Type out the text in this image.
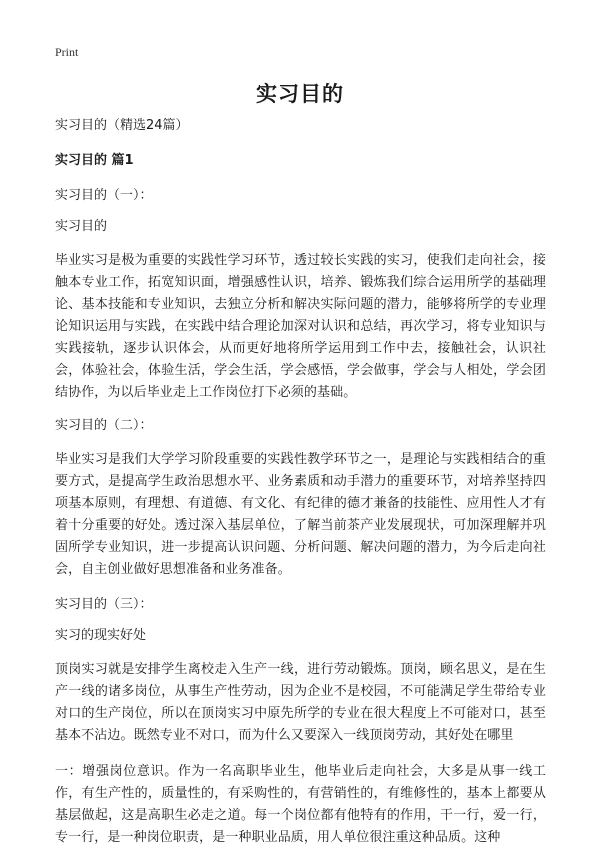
Print
实习目的

实习目的（精选24篇）

实习目的 篇1

实习目的（一）：

实习目的

毕业实习是极为重要的实践性学习环节，透过较长实践的实习，使我们走向社会，接触本专业工作，拓宽知识面，增强感性认识，培养、锻炼我们综合运用所学的基础理论、基本技能和专业知识，去独立分析和解决实际问题的潜力，能够将所学的专业理论知识运用与实践，在实践中结合理论加深对认识和总结，再次学习，将专业知识与实践接轨，逐步认识体会，从而更好地将所学运用到工作中去，接触社会，认识社会，体验社会，体验生活，学会生活，学会感悟，学会做事，学会与人相处，学会团结协作，为以后毕业走上工作岗位打下必须的基础。

实习目的（二）：

毕业实习是我们大学学习阶段重要的实践性教学环节之一，是理论与实践相结合的重要方式，是提高学生政治思想水平、业务素质和动手潜力的重要环节，对培养坚持四项基本原则，有理想、有道德、有文化、有纪律的德才兼备的技能性、应用性人才有着十分重要的好处。透过深入基层单位，了解当前茶产业发展现状，可加深理解并巩固所学专业知识，进一步提高认识问题、分析问题、解决问题的潜力，为今后走向社会，自主创业做好思想准备和业务准备。

实习目的（三）：

实习的现实好处

顶岗实习就是安排学生离校走入生产一线，进行劳动锻炼。顶岗，顾名思义，是在生产一线的诸多岗位，从事生产性劳动，因为企业不是校园，不可能满足学生带给专业对口的生产岗位，所以在顶岗实习中原先所学的专业在很大程度上不可能对口，甚至基本不沾边。既然专业不对口，而为什么又要深入一线顶岗劳动，其好处在哪里

一：增强岗位意识。作为一名高职毕业生，他毕业后走向社会，大多是从事一线工作，有生产性的，质量性的，有采购性的，有营销性的，有维修性的，基本上都要从基层做起，这是高职生必走之道。每一个岗位都有他特有的作用，干一行，爱一行，专一行，是一种岗位职责，是一种职业品质，用人单位很注重这种品质。这种
